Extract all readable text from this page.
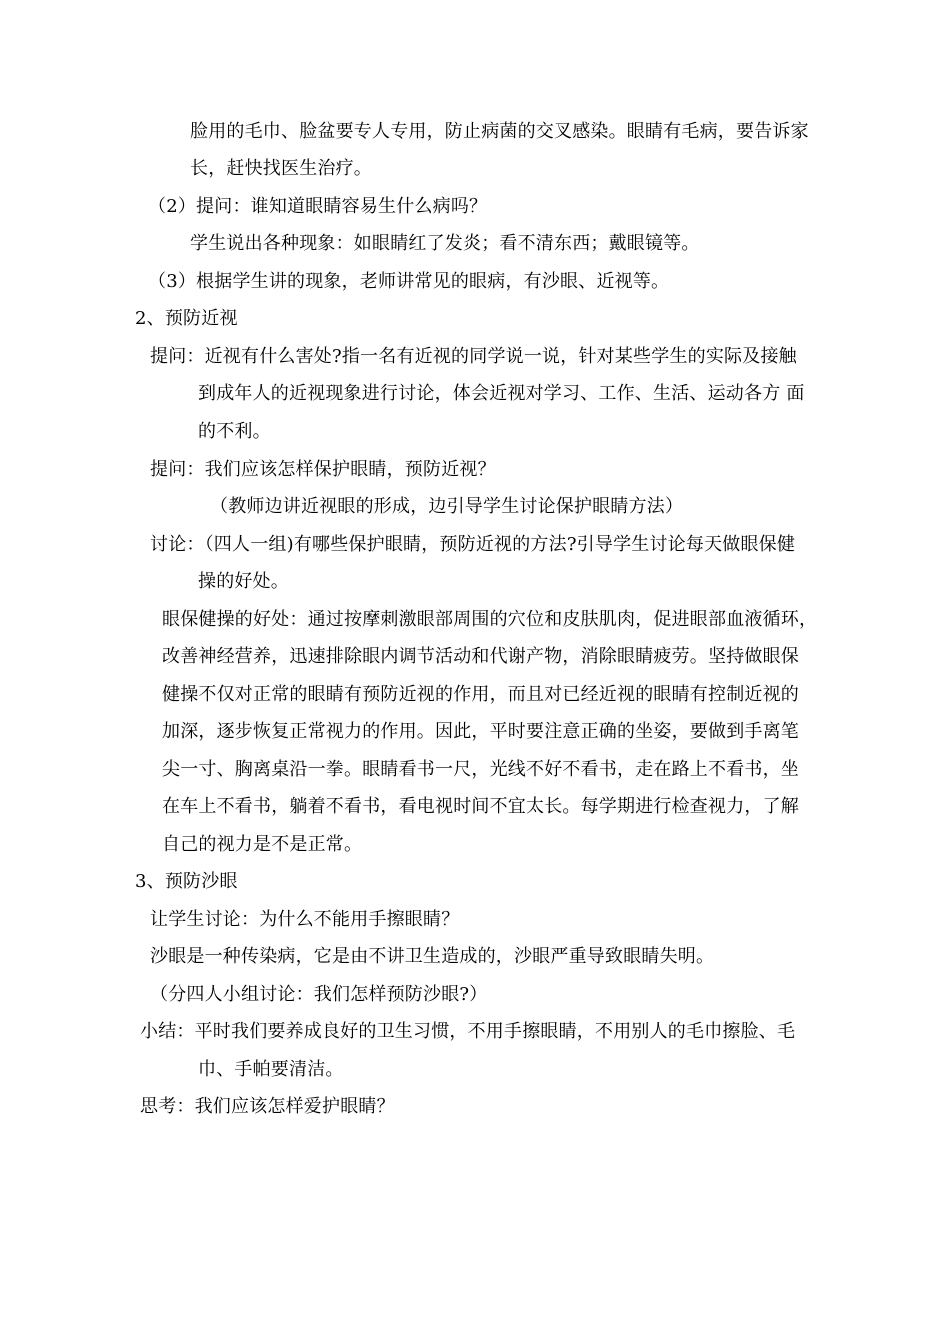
脸用的毛巾、脸盆要专人专用，防止病菌的交叉感染。眼睛有毛病，要告诉家
长，赶快找医生治疗。
（2）提问：谁知道眼睛容易生什么病吗？
学生说出各种现象：如眼睛红了发炎；看不清东西；戴眼镜等。
（3）根据学生讲的现象，老师讲常见的眼病，有沙眼、近视等。
2、预防近视
提问：近视有什么害处?指一名有近视的同学说一说，针对某些学生的实际及接触
到成年人的近视现象进行讨论，体会近视对学习、工作、生活、运动各方 面
的不利。
提问：我们应该怎样保护眼睛，预防近视？
（教师边讲近视眼的形成，边引导学生讨论保护眼睛方法）
讨论：（四人一组)有哪些保护眼睛，预防近视的方法?引导学生讨论每天做眼保健
操的好处。
眼保健操的好处：通过按摩刺激眼部周围的穴位和皮肤肌肉，促进眼部血液循环，
改善神经营养，迅速排除眼内调节活动和代谢产物，消除眼睛疲劳。坚持做眼保
健操不仅对正常的眼睛有预防近视的作用，而且对已经近视的眼睛有控制近视的
加深，逐步恢复正常视力的作用。因此，平时要注意正确的坐姿，要做到手离笔
尖一寸、胸离桌沿一拳。眼睛看书一尺，光线不好不看书，走在路上不看书，坐
在车上不看书，躺着不看书，看电视时间不宜太长。每学期进行检查视力，了解
自己的视力是不是正常。
3、预防沙眼
让学生讨论：为什么不能用手擦眼睛？
沙眼是一种传染病，它是由不讲卫生造成的，沙眼严重导致眼睛失明。
（分四人小组讨论：我们怎样预防沙眼?）
小结：平时我们要养成良好的卫生习惯，不用手擦眼睛，不用别人的毛巾擦脸、毛
巾、手帕要清洁。
思考：我们应该怎样爱护眼睛？
